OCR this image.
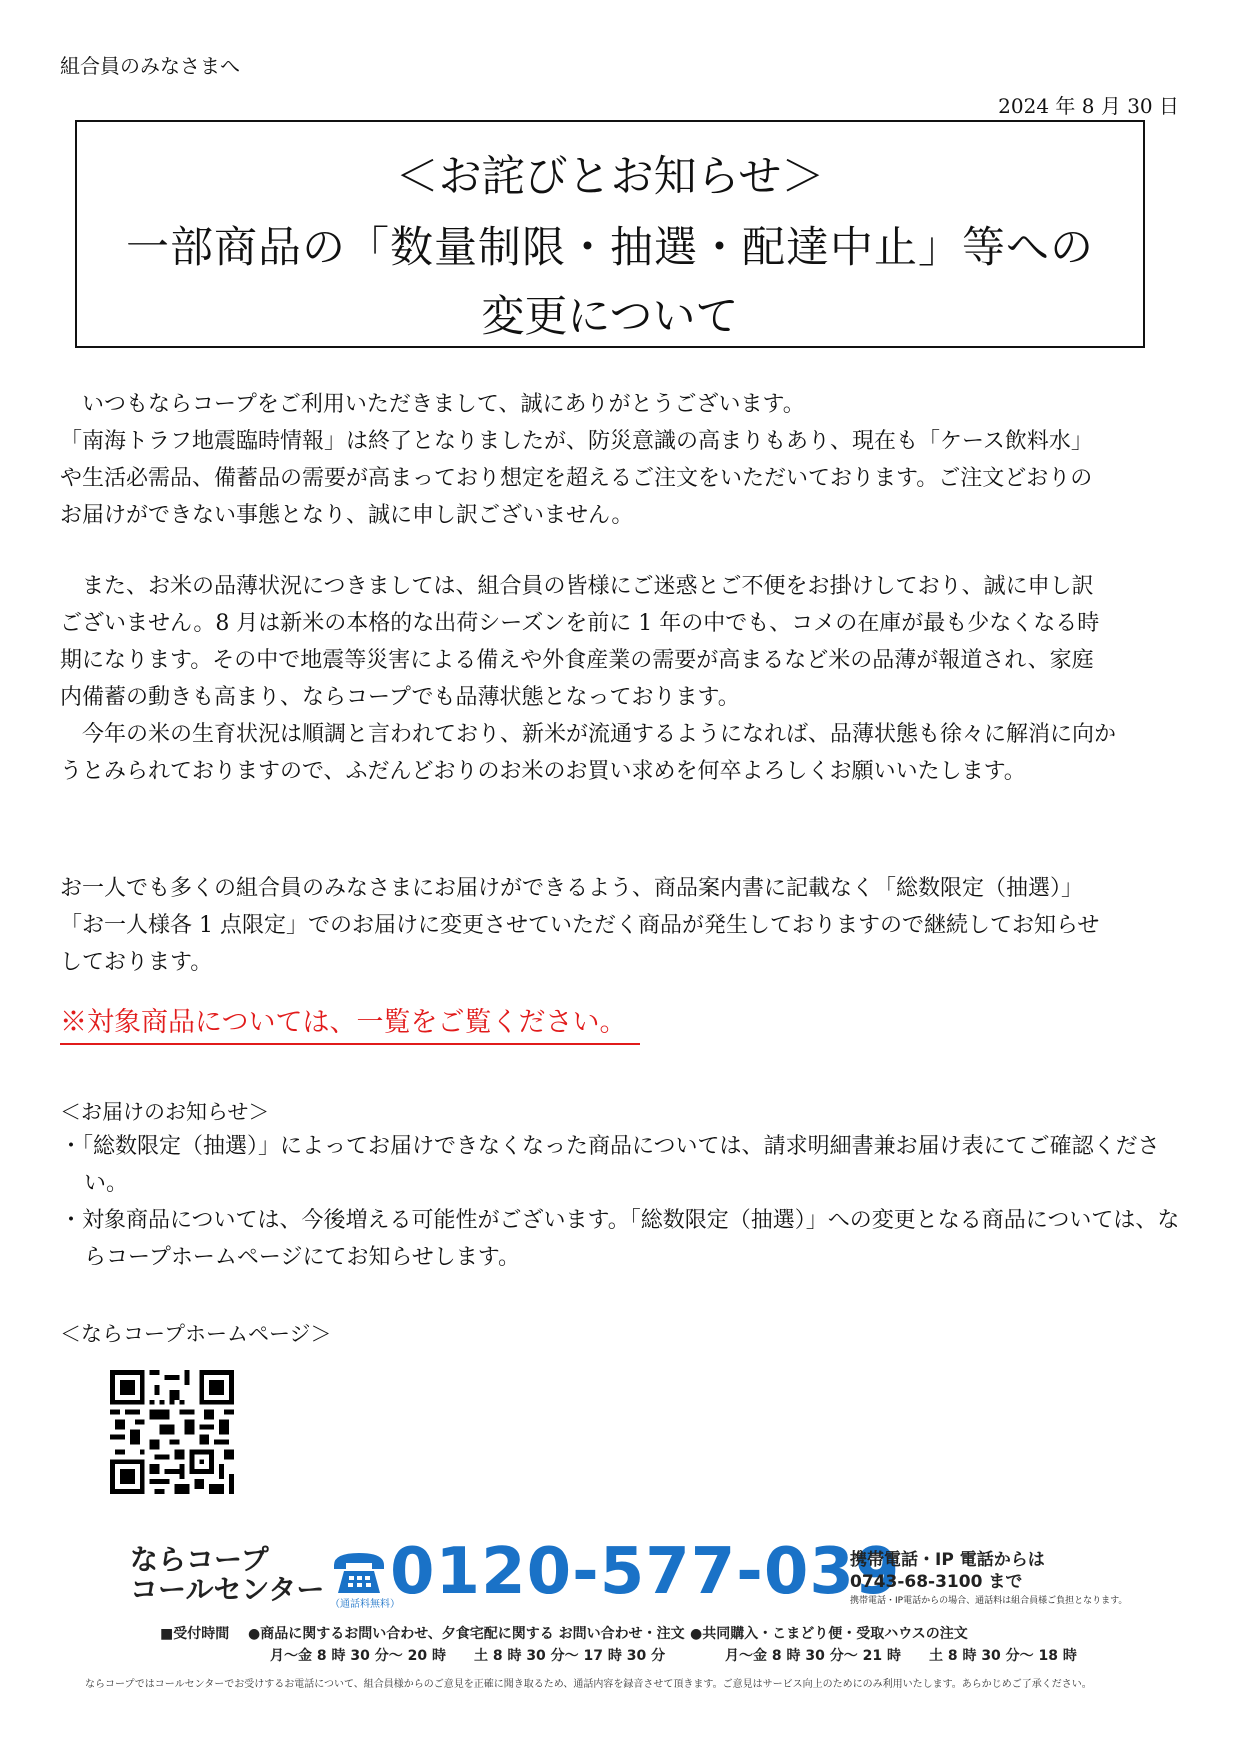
組合員のみなさまへ
2024 年 8 月 30 日
＜お詫びとお知らせ＞
一部商品の「数量制限・抽選・配達中止」等への
変更について
　いつもならコープをご利用いただきまして、誠にありがとうございます。
「南海トラフ地震臨時情報」は終了となりましたが、防災意識の高まりもあり、現在も「ケース飲料水」
や生活必需品、備蓄品の需要が高まっており想定を超えるご注文をいただいております。ご注文どおりの
お届けができない事態となり、誠に申し訳ございません。
　また、お米の品薄状況につきましては、組合員の皆様にご迷惑とご不便をお掛けしており、誠に申し訳
ございません。8 月は新米の本格的な出荷シーズンを前に 1 年の中でも、コメの在庫が最も少なくなる時
期になります。その中で地震等災害による備えや外食産業の需要が高まるなど米の品薄が報道され、家庭
内備蓄の動きも高まり、ならコープでも品薄状態となっております。
　今年の米の生育状況は順調と言われており、新米が流通するようになれば、品薄状態も徐々に解消に向か
うとみられておりますので、ふだんどおりのお米のお買い求めを何卒よろしくお願いいたします。
お一人でも多くの組合員のみなさまにお届けができるよう、商品案内書に記載なく「総数限定（抽選）」
「お一人様各 1 点限定」でのお届けに変更させていただく商品が発生しておりますので継続してお知らせ
しております。
※対象商品については、一覧をご覧ください。
＜お届けのお知らせ＞
・「総数限定（抽選）」によってお届けできなくなった商品については、請求明細書兼お届け表にてご確認ください。
・対象商品については、今後増える可能性がございます。「総数限定（抽選）」への変更となる商品については、ならコープホームページにてお知らせします。
＜ならコープホームページ＞
ならコープ
コールセンター （通話料無料）
0120-577-039
携帯電話・IP 電話からは
0743-68-3100 まで
携帯電話・IP電話からの場合、通話料は組合員様ご負担となります。
■受付時間 ●商品に関するお問い合わせ、夕食宅配に関する お問い合わせ・注文
月～金 8 時 30 分～ 20 時　　土 8 時 30 分～ 17 時 30 分
●共同購入・こまどり便・受取ハウスの注文
月～金 8 時 30 分～ 21 時　　土 8 時 30 分～ 18 時
ならコープではコールセンターでお受けするお電話について、組合員様からのご意見を正確に聞き取るため、通話内容を録音させて頂きます。ご意見はサービス向上のためにのみ利用いたします。あらかじめご了承ください。
